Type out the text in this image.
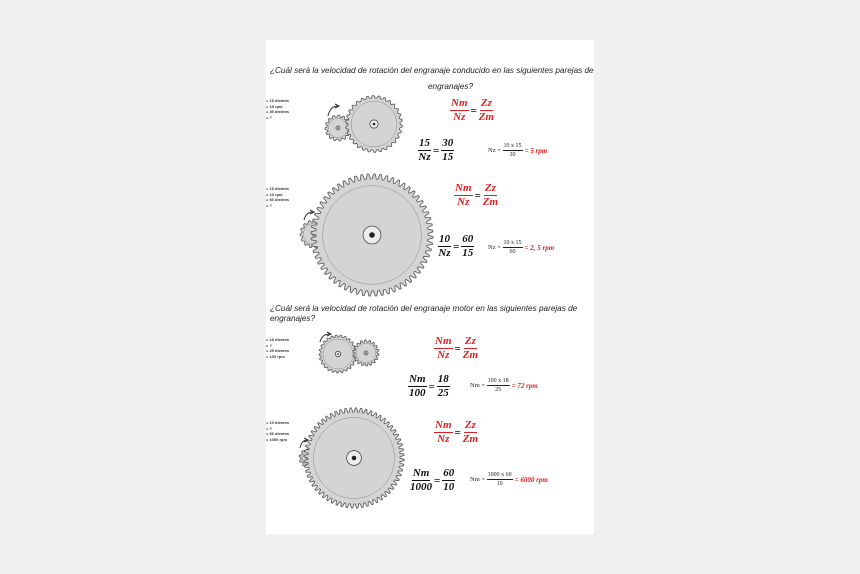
¿Cuál será la velocidad de rotación del engranaje conducido en las siguientes parejas de
engranajes?
= 15 dientes
= 15 rpm
= 30 dientes
= ?	$\frac{Nm}{Nz} = \frac{Zz}{Zm}$
$\frac{15}{Nz} = \frac{30}{15}$	Nz =
$\frac{10 x 15}{30} = 5$ rpm
= 15 dientes
= 10 rpm
= 60 dientes
= ?	$\frac{Nm}{Nz} = \frac{Zz}{Zm}$
$\frac{10}{Nz} = \frac{60}{15}$ Nz =
$\frac{10 x 15}{60} = 2$, 5 rpm
¿Cuál será la velocidad de rotación del engranaje motor en las siguientes parejas de
engranajes?
= 18 dientes
= ?
= 25 dientes
= 100 rpm	$\frac{Nm}{Nz} = \frac{Zz}{Zm}$
$\frac{Nm}{100} = \frac{18}{25}$	Nm =
$\frac{100 x 18}{25} = 72$ rpm
= 10 dientes
= ?
= 60 dientes
= 1000 rpm	$\frac{Nm}{Nz} = \frac{Zz}{Zm}$
$\frac{Nm}{1000} = \frac{60}{10}$ Nm =
$\frac{1000 x 60}{10} = 6000$ rpm
